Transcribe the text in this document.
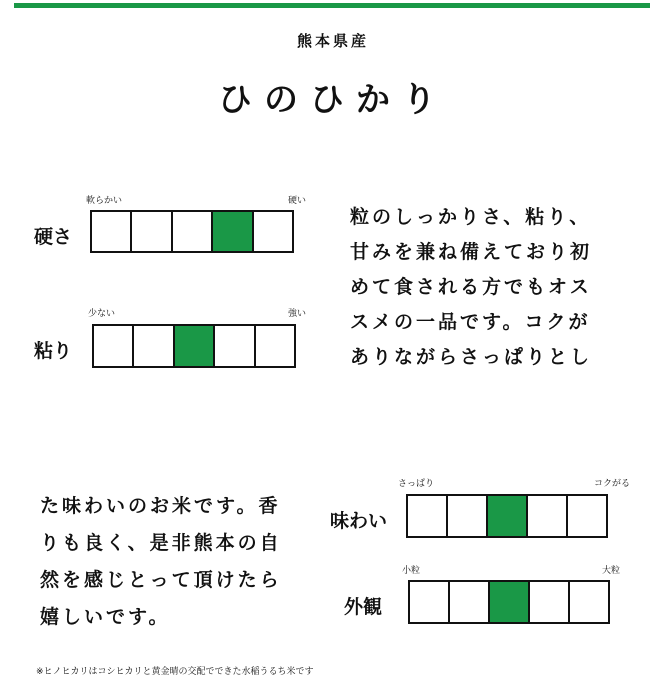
熊本県産
ひのひかり
硬さ
軟らかい	硬い
粘り
少ない	強い
粒のしっかりさ、粘り、
甘みを兼ね備えており初
めて食される方でもオス
スメの一品です。コクが
ありながらさっぱりとし
た味わいのお米です。香
りも良く、是非熊本の自
然を感じとって頂けたら
嬉しいです。
味わい
さっぱり	コクがる
外観
小粒	大粒
※ヒノヒカリはコシヒカリと黄金晴の交配でできた水稲うるち米です
